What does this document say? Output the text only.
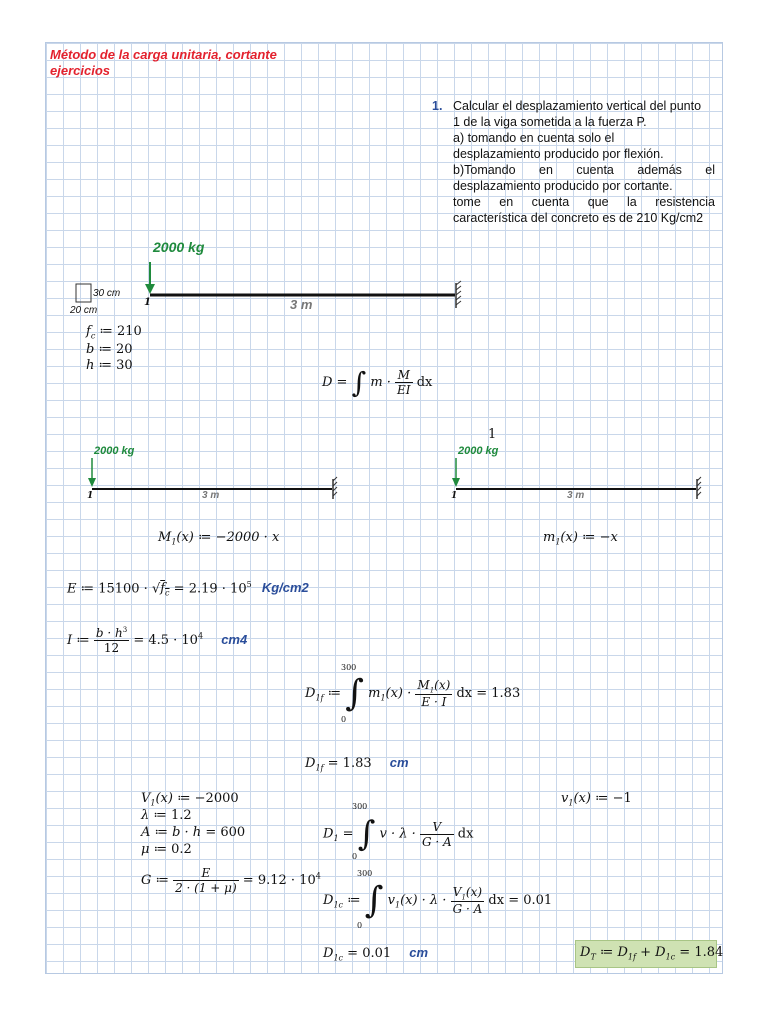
Método de la carga unitaria, cortante ejercicios
1. Calcular el desplazamiento vertical del punto
1 de la viga sometida a la fuerza P.
a) tomando en cuenta solo el
desplazamiento producido por flexión.
b)Tomando en cuenta además el
desplazamiento producido por cortante.
tome en cuenta que la resistencia
característica del concreto es de 210 Kg/cm2
2000 kg
1	3 m
30 cm
20 cm
2000 kg
1	3 m
1
2000 kg
1	3 m
$f_c$ ≔ 210
b ≔ 20
h ≔ 30
D = ∫ $m \cdot \frac{M}{EI}$ dx
$M_1(x)$ ≔ −2000 · x	$m_1(x)$ ≔ −x
E ≔ $15100 \cdot √f_c = 2.19 \cdot 10^5$ Kg/cm2
I ≔ $\frac{b \cdot h^3}{12} = 4.5 \cdot 10^4$ cm4
300
0
$D_{1f}$ ≔ ∫ $m_1(x) \cdot \frac{M_1(x)}{E \cdot I}$ dx = 1.83
$D_{1f} = 1.83$ cm
$V_1(x)$ ≔ −2000
λ ≔ 1.2
A ≔ b · h = 600
μ ≔ 0.2
$v_1(x)$ ≔ −1
300
0
$D_1$ = ∫ $v \cdot \lambda \cdot \frac{V}{G \cdot A}$ dx
G ≔ $\frac{E}{2 \cdot (1 + \mu)} = 9.12 \cdot 10^4$	300
0
$D_{1c}$ ≔ ∫ $v_1(x) \cdot \lambda \cdot \frac{V_1(x)}{G \cdot A}$ dx = 0.01
$D_{1c} = 0.01$ cm	$D_T$ ≔ $D_{1f} + D_{1c} = 1.84$
